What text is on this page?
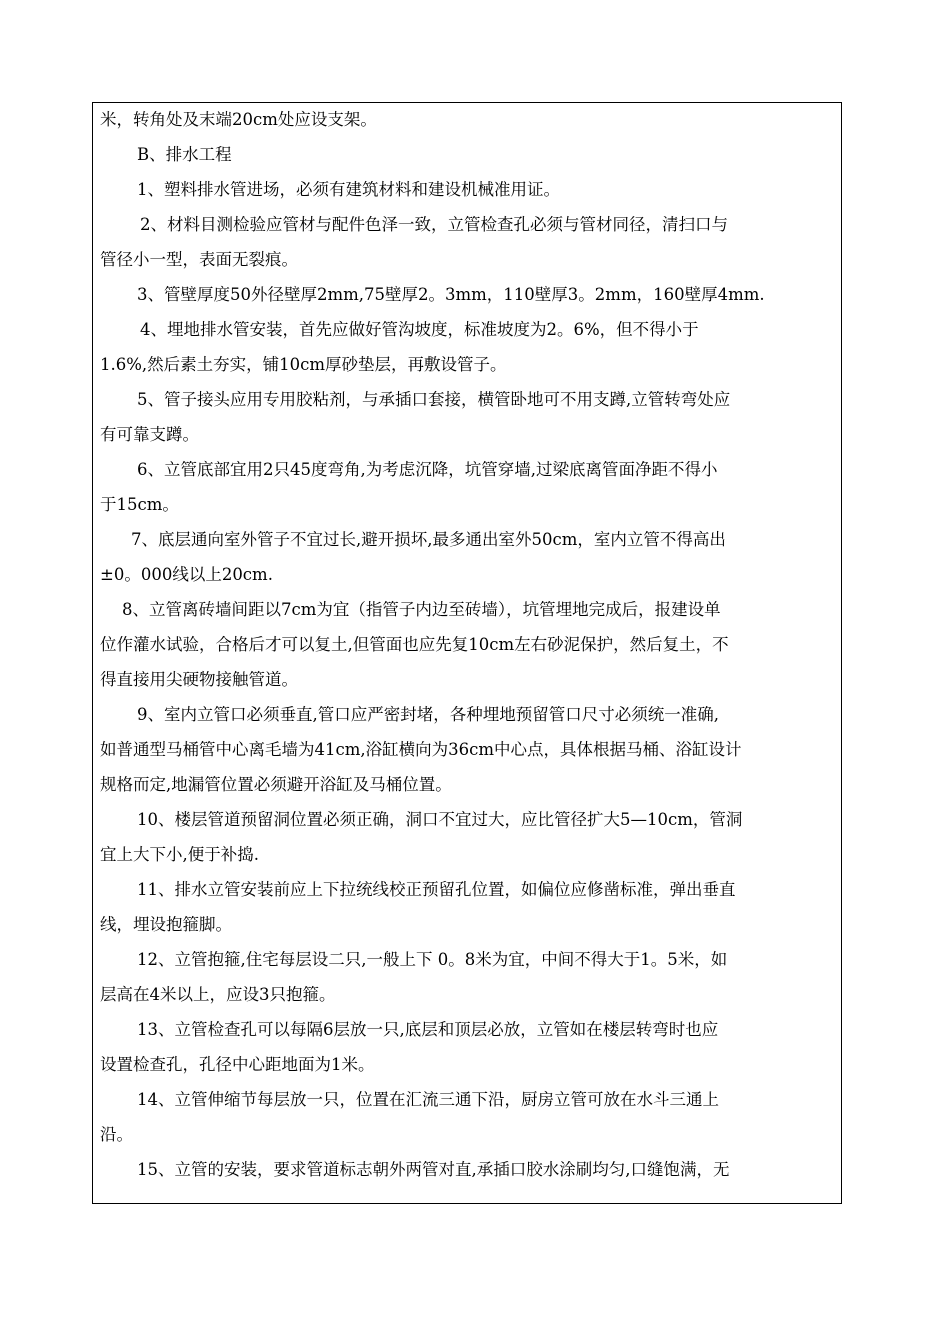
米，转角处及末端20cm处应设支架。
B、排水工程
1、塑料排水管进场，必须有建筑材料和建设机械准用证。
2、材料目测检验应管材与配件色泽一致，立管检查孔必须与管材同径，清扫口与
管径小一型，表面无裂痕。
3、管壁厚度50外径壁厚2mm,75壁厚2。3mm，110壁厚3。2mm，160壁厚4mm.
4、埋地排水管安装，首先应做好管沟坡度，标准坡度为2。6%，但不得小于
1.6%,然后素土夯实，铺10cm厚砂垫层，再敷设管子。
5、管子接头应用专用胶粘剂，与承插口套接，横管卧地可不用支蹲,立管转弯处应
有可靠支蹲。
6、立管底部宜用2只45度弯角,为考虑沉降，坑管穿墙,过梁底离管面净距不得小
于15cm。
7、底层通向室外管子不宜过长,避开损坏,最多通出室外50cm，室内立管不得高出
±0。000线以上20cm.
8、立管离砖墙间距以7cm为宜（指管子内边至砖墙），坑管埋地完成后，报建设单
位作灌水试验，合格后才可以复土,但管面也应先复10cm左右砂泥保护，然后复土，不
得直接用尖硬物接触管道。
9、室内立管口必须垂直,管口应严密封堵，各种埋地预留管口尺寸必须统一准确,
如普通型马桶管中心离毛墙为41cm,浴缸横向为36cm中心点，具体根据马桶、浴缸设计
规格而定,地漏管位置必须避开浴缸及马桶位置。
10、楼层管道预留洞位置必须正确，洞口不宜过大，应比管径扩大5—10cm，管洞
宜上大下小,便于补捣.
11、排水立管安装前应上下拉统线校正预留孔位置，如偏位应修凿标准，弹出垂直
线，埋设抱箍脚。
12、立管抱箍,住宅每层设二只,一般上下 0。8米为宜，中间不得大于1。5米，如
层高在4米以上，应设3只抱箍。
13、立管检查孔可以每隔6层放一只,底层和顶层必放，立管如在楼层转弯时也应
设置检查孔，孔径中心距地面为1米。
14、立管伸缩节每层放一只，位置在汇流三通下沿，厨房立管可放在水斗三通上
沿。
15、立管的安装，要求管道标志朝外两管对直,承插口胶水涂刷均匀,口缝饱满，无
